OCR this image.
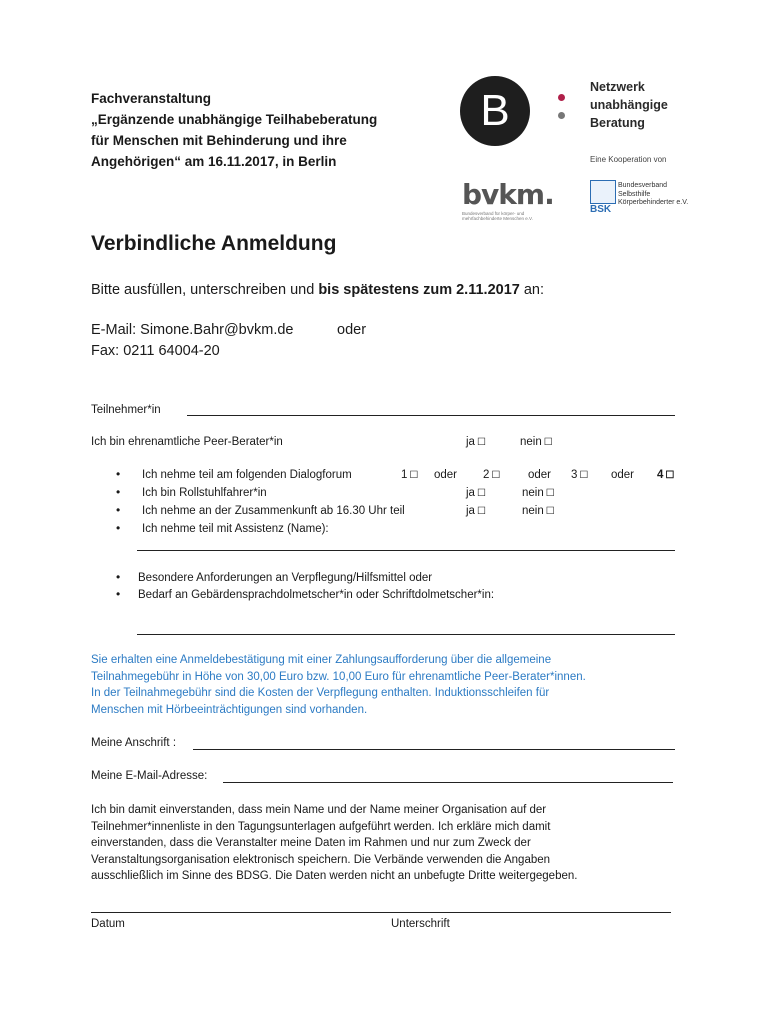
Fachveranstaltung
„Ergänzende unabhängige Teilhabeberatung
für Menschen mit Behinderung und ihre
Angehörigen“ am 16.11.2017, in Berlin
B	Netzwerk
unabhängige
Beratung
Eine Kooperation von
bvkm.
Bundesverband für körper- und mehrfachbehinderte Menschen e.V.
BSK
Bundesverband
Selbsthilfe
Körperbehinderter e.V.
Verbindliche Anmeldung
Bitte ausfüllen, unterschreiben und bis spätestens zum 2.11.2017 an:
E-Mail: Simone.Bahr@bvkm.de	oder
Fax: 0211 64004-20
Teilnehmer*in
Ich bin ehrenamtliche Peer-Berater*in	ja ☐	nein ☐
• Ich nehme teil am folgenden Dialogforum	1 ☐ oder 2 ☐ oder 3 ☐ oder 4 ☐
• Ich bin Rollstuhlfahrer*in	ja ☐	nein ☐
• Ich nehme an der Zusammenkunft ab 16.30 Uhr teil	ja ☐	nein ☐
• Ich nehme teil mit Assistenz (Name):
• Besondere Anforderungen an Verpflegung/Hilfsmittel oder
• Bedarf an Gebärdensprachdolmetscher*in oder Schriftdolmetscher*in:
Sie erhalten eine Anmeldebestätigung mit einer Zahlungsaufforderung über die allgemeine
Teilnahmegebühr in Höhe von 30,00 Euro bzw. 10,00 Euro für ehrenamtliche Peer-Berater*innen.
In der Teilnahmegebühr sind die Kosten der Verpflegung enthalten. Induktionsschleifen für
Menschen mit Hörbeeinträchtigungen sind vorhanden.
Meine Anschrift :
Meine E-Mail-Adresse:
Ich bin damit einverstanden, dass mein Name und der Name meiner Organisation auf der
Teilnehmer*innenliste in den Tagungsunterlagen aufgeführt werden. Ich erkläre mich damit
einverstanden, dass die Veranstalter meine Daten im Rahmen und nur zum Zweck der
Veranstaltungsorganisation elektronisch speichern. Die Verbände verwenden die Angaben
ausschließlich im Sinne des BDSG. Die Daten werden nicht an unbefugte Dritte weitergegeben.
Datum	Unterschrift
